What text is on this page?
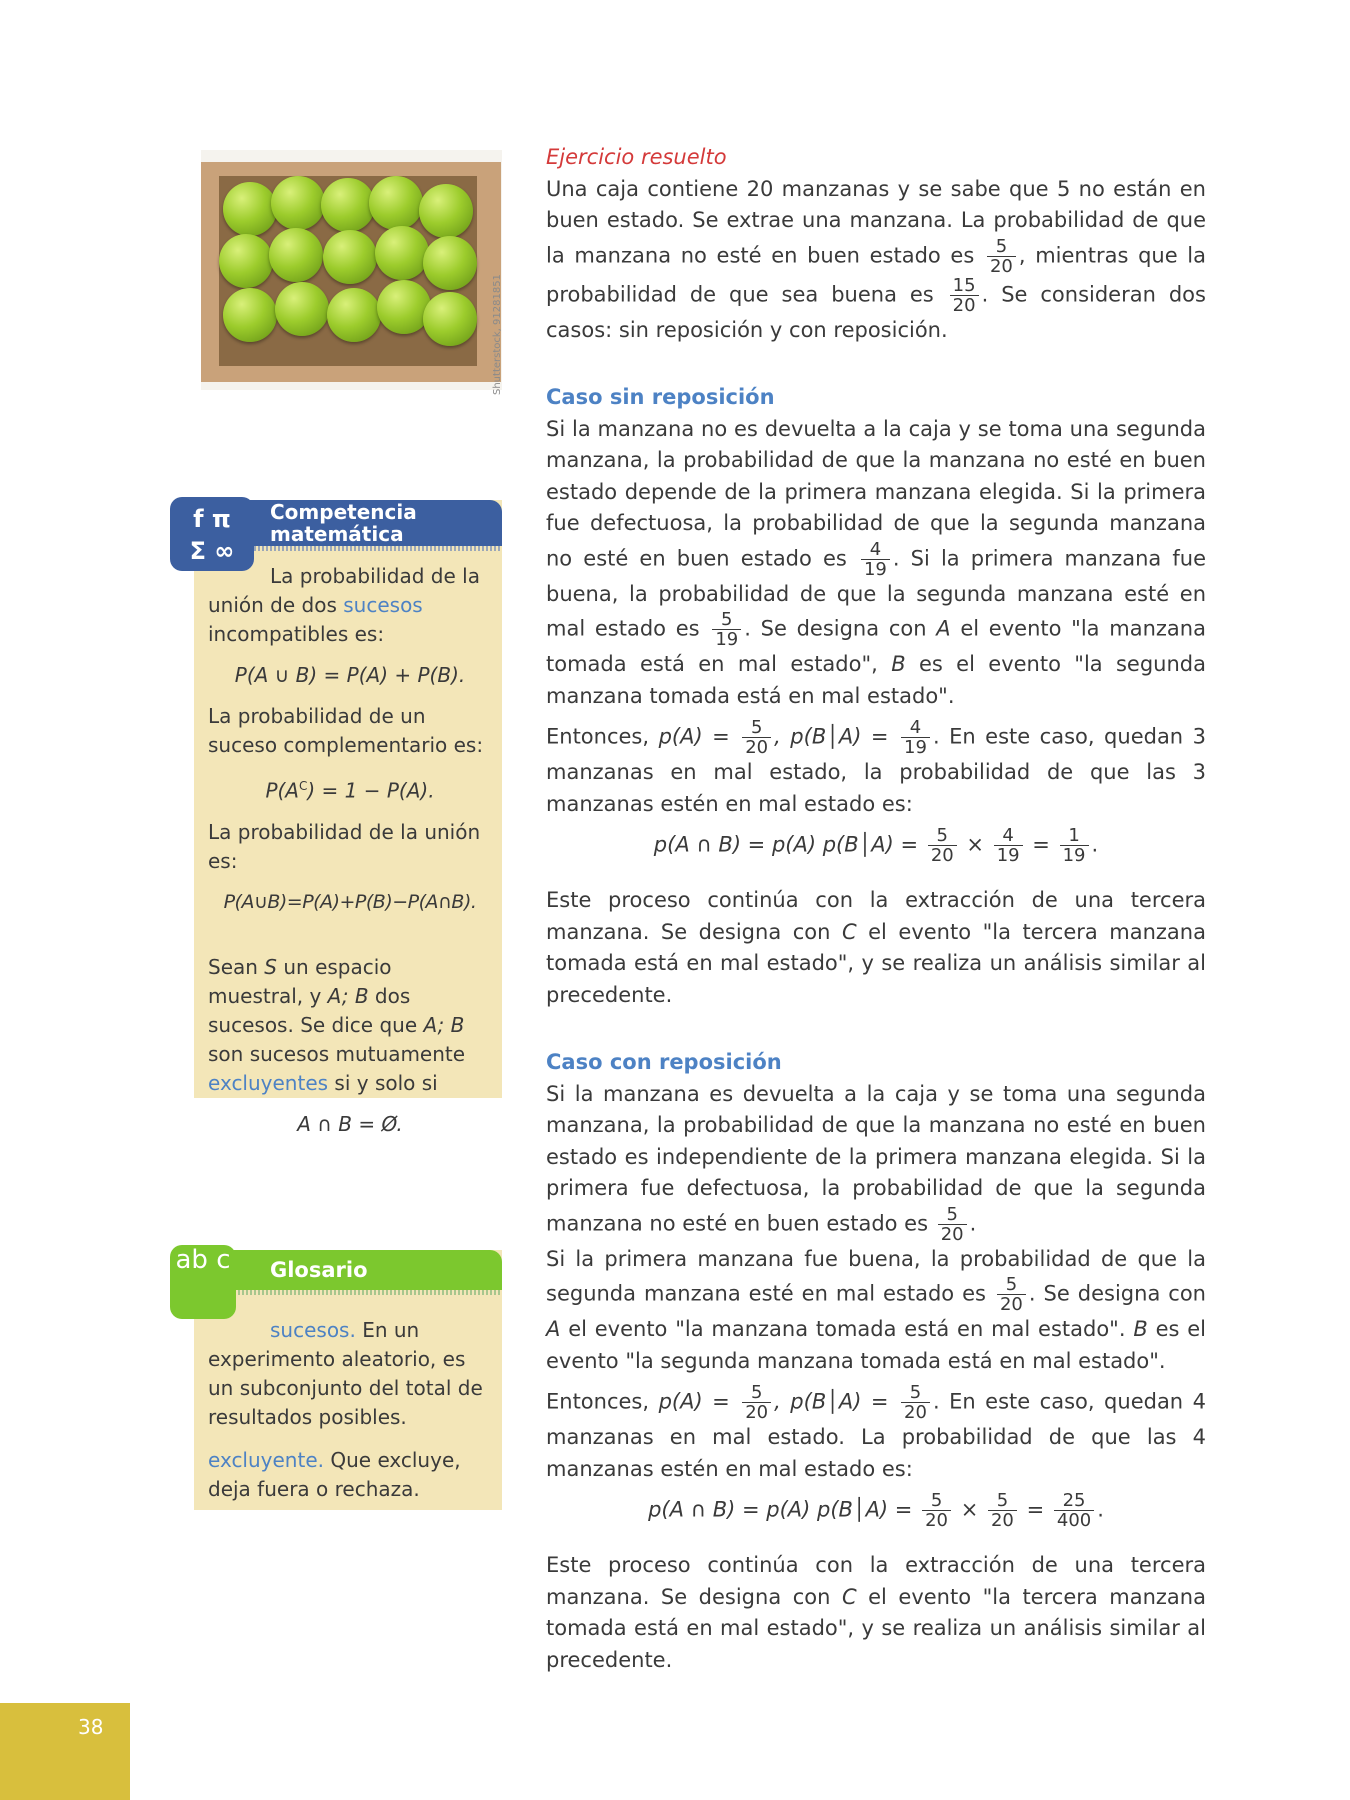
Shutterstock, 91281851

Ejercicio resuelto

Una caja contiene 20 manzanas y se sabe que 5 no están en buen estado. Se extrae una manzana. La probabilidad de que la manzana no esté en buen estado es $\frac{5}{20}$ , mientras que la probabilidad de que sea buena es $\frac{15}{20}$ . Se consideran dos casos: sin reposición y con reposición.

Caso sin reposición

Si la manzana no es devuelta a la caja y se toma una segunda manzana, la probabilidad de que la manzana no esté en buen estado depende de la primera manzana elegida. Si la primera fue defectuosa, la probabilidad de que la segunda manzana no esté en buen estado es $\frac{4}{19}$ . Si la primera manzana fue buena, la probabilidad de que la segunda manzana esté en mal estado es $\frac{5}{19}$ . Se designa con A el evento "la manzana tomada está en mal estado", B es el evento "la segunda manzana tomada está en mal estado".

Entonces, $p(A) = \frac{5}{20}$ , p(B│A) = $\frac{4}{19}$ . En este caso, quedan 3 manzanas en mal estado, la probabilidad de que las 3 manzanas estén en mal estado es:

p(A ∩ B) = p(A) p(B│A) = $\frac{5}{20} \times \frac{4}{19} = \frac{1}{19}$ .

Este proceso continúa con la extracción de una tercera manzana. Se designa con C el evento "la tercera manzana tomada está en mal estado", y se realiza un análisis similar al precedente.

Caso con reposición

Si la manzana es devuelta a la caja y se toma una segunda manzana, la probabilidad de que la manzana no esté en buen estado es independiente de la primera manzana elegida. Si la primera fue defectuosa, la probabilidad de que la segunda manzana no esté en buen estado es $\frac{5}{20}$ .

Si la primera manzana fue buena, la probabilidad de que la segunda manzana esté en mal estado es $\frac{5}{20}$ . Se designa con A el evento "la manzana tomada está en mal estado". B es el evento "la segunda manzana tomada está en mal estado".

Entonces, $p(A) = \frac{5}{20}$ , p(B│A) = $\frac{5}{20}$ . En este caso, quedan 4 manzanas en mal estado. La probabilidad de que las 4 manzanas estén en mal estado es:

p(A ∩ B) = p(A) p(B│A) = $\frac{5}{20} \times \frac{5}{20} = \frac{25}{400}$ .

Este proceso continúa con la extracción de una tercera manzana. Se designa con C el evento "la tercera manzana tomada está en mal estado", y se realiza un análisis similar al precedente.

Competencia
matemática

La probabilidad de la unión de dos sucesos incompatibles es:

P(A ∪ B) = P(A) + P(B).

La probabilidad de un suceso complementario es:

$P(A^C) = 1 - P(A)$.

La probabilidad de la unión es:

P(A∪B)=P(A)+P(B)−P(A∩B).

Sean S un espacio muestral, y A; B dos sucesos. Se dice que A; B son sucesos mutuamente excluyentes si y solo si

A ∩ B = Ø.

f π
Σ ∞
Glosario

sucesos. En un experimento aleatorio, es un subconjunto del total de resultados posibles.

excluyente. Que excluye, deja fuera o rechaza.

ab c
38
